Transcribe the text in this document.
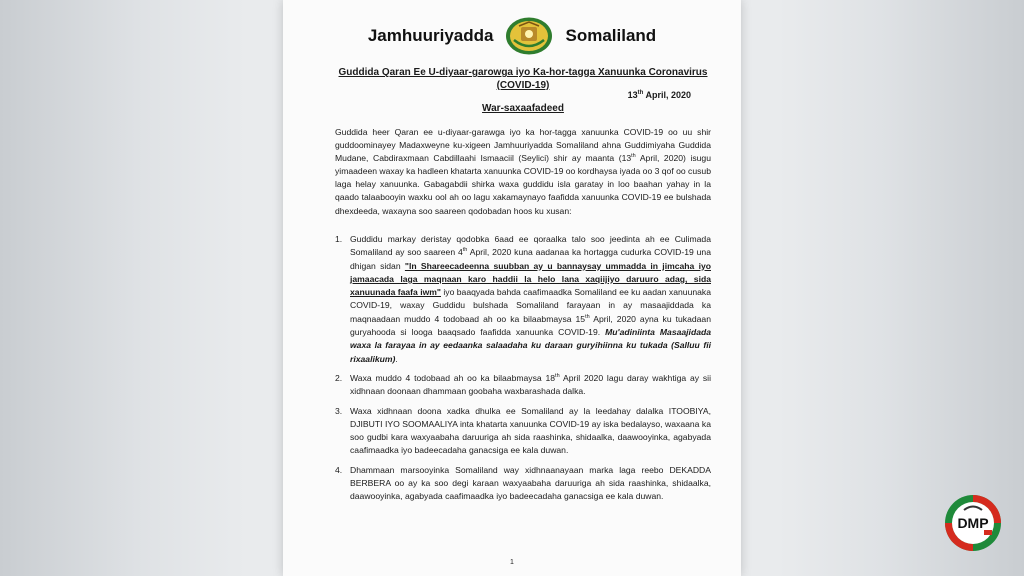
Jamhuuriyadda	Somaliland
Guddida Qaran Ee U-diyaar-garowga iyo Ka-hor-tagga Xanuunka Coronavirus (COVID-19)
13th April, 2020
War-saxaafadeed

Guddida heer Qaran ee u-diyaar-garawga iyo ka hor-tagga xanuunka COVID-19 oo uu shir guddoominayey Madaxweyne ku-xigeen Jamhuuriyadda Somaliland ahna Guddimiyaha Guddida Mudane, Cabdiraxmaan Cabdillaahi Ismaaciil (Seylici) shir ay maanta (13th April, 2020) isugu yimaadeen waxay ka hadleen khatarta xanuunka COVID-19 oo kordhaysa iyada oo 3 qof oo cusub laga helay xanuunka. Gabagabdii shirka waxa guddidu isla garatay in loo baahan yahay in la qaado talaabooyin waxku ool ah oo lagu xakamaynayo faafidda xanuunka COVID-19 ee bulshada dhexdeeda, waxayna soo saareen qodobadan hoos ku xusan:

1. Guddidu markay deristay qodobka 6aad ee qoraalka talo soo jeedinta ah ee Culimada Somaliland ay soo saareen 4th April, 2020 kuna aadanaa ka hortagga cudurka COVID-19 una dhigan sidan "In Shareecadeenna suubban ay u bannaysay ummadda in jimcaha iyo jamaacada laga maqnaan karo haddii la helo lana xaqiijiyo daruuro adag, sida xanuunada faafa iwm" iyo baaqyada bahda caafimaadka Somaliland ee ku aadan xanuunaka COVID-19, waxay Guddidu bulshada Somaliland farayaan in ay masaajiddada ka maqnaadaan muddo 4 todobaad ah oo ka bilaabmaysa 15th April, 2020 ayna ku tukadaan guryahooda si looga baaqsado faafidda xanuunka COVID-19. Mu'adiniinta Masaajidada waxa la farayaa in ay eedaanka salaadaha ku daraan guryihiinna ku tukada (Salluu fii rixaalikum).
2. Waxa muddo 4 todobaad ah oo ka bilaabmaysa 18th April 2020 lagu daray wakhtiga ay sii xidhnaan doonaan dhammaan goobaha waxbarashada dalka.
3. Waxa xidhnaan doona xadka dhulka ee Somaliland ay la leedahay dalalka ITOOBIYA, DJIBUTI IYO SOOMAALIYA inta khatarta xanuunka COVID-19 ay iska bedalayso, waxaana ka soo gudbi kara waxyaabaha daruuriga ah sida raashinka, shidaalka, daawooyinka, agabyada caafimaadka iyo badeecadaha ganacsiga ee kala duwan.
4. Dhammaan marsooyinka Somaliland way xidhnaanayaan marka laga reebo DEKADDA BERBERA oo ay ka soo degi karaan waxyaabaha daruuriga ah sida raashinka, shidaalka, daawooyinka, agabyada caafimaadka iyo badeecadaha ganacsiga ee kala duwan.
1
DMP
